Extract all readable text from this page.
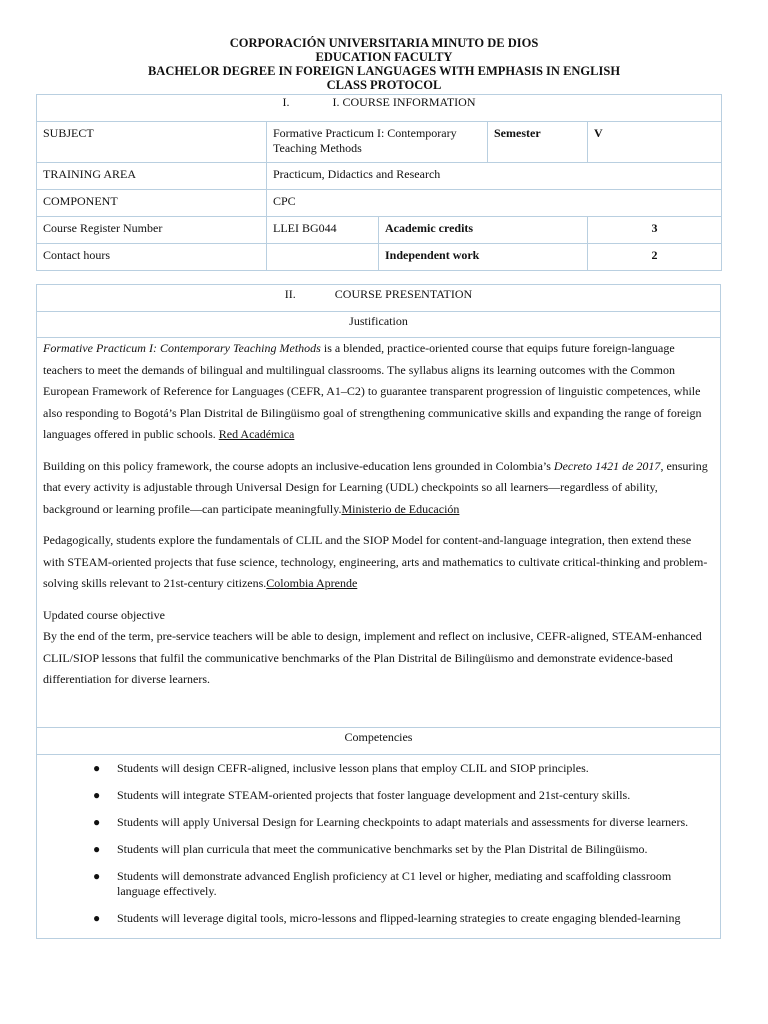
CORPORACIÓN UNIVERSITARIA MINUTO DE DIOS
EDUCATION FACULTY
BACHELOR DEGREE IN FOREIGN LANGUAGES WITH EMPHASIS IN ENGLISH
CLASS PROTOCOL
I. I. COURSE INFORMATION				
SUBJECT	Formative Practicum I: Contemporary Teaching Methods		Semester	V
TRAINING AREA	Practicum, Didactics and Research			
COMPONENT	CPC			
Course Register Number	LLEI BG044	Academic credits		3
Contact hours		Independent work		2
II.	COURSE PRESENTATION
Justification

Formative Practicum I: Contemporary Teaching Methods is a blended, practice-oriented course that equips future foreign-language teachers to meet the demands of bilingual and multilingual classrooms. The syllabus aligns its learning outcomes with the Common European Framework of Reference for Languages (CEFR, A1–C2) to guarantee transparent progression of linguistic competences, while also responding to Bogotá’s Plan Distrital de Bilingüismo goal of strengthening communicative skills and expanding the range of foreign languages offered in public schools. Red Académica

Building on this policy framework, the course adopts an inclusive-education lens grounded in Colombia’s Decreto 1421 de 2017, ensuring that every activity is adjustable through Universal Design for Learning (UDL) checkpoints so all learners—regardless of ability, background or learning profile—can participate meaningfully.Ministerio de Educación

Pedagogically, students explore the fundamentals of CLIL and the SIOP Model for content-and-language integration, then extend these with STEAM-oriented projects that fuse science, technology, engineering, arts and mathematics to cultivate critical-thinking and problem-solving skills relevant to 21st-century citizens.Colombia Aprende

Updated course objective

By the end of the term, pre-service teachers will be able to design, implement and reflect on inclusive, CEFR-aligned, STEAM-enhanced CLIL/SIOP lessons that fulfil the communicative benchmarks of the Plan Distrital de Bilingüismo and demonstrate evidence-based differentiation for diverse learners.

Competencies

● Students will design CEFR-aligned, inclusive lesson plans that employ CLIL and SIOP principles.
● Students will integrate STEAM-oriented projects that foster language development and 21st-century skills.
● Students will apply Universal Design for Learning checkpoints to adapt materials and assessments for diverse learners.
● Students will plan curricula that meet the communicative benchmarks set by the Plan Distrital de Bilingüismo.
● Students will demonstrate advanced English proficiency at C1 level or higher, mediating and scaffolding classroom language effectively.
● Students will leverage digital tools, micro-lessons and flipped-learning strategies to create engaging blended-learning
